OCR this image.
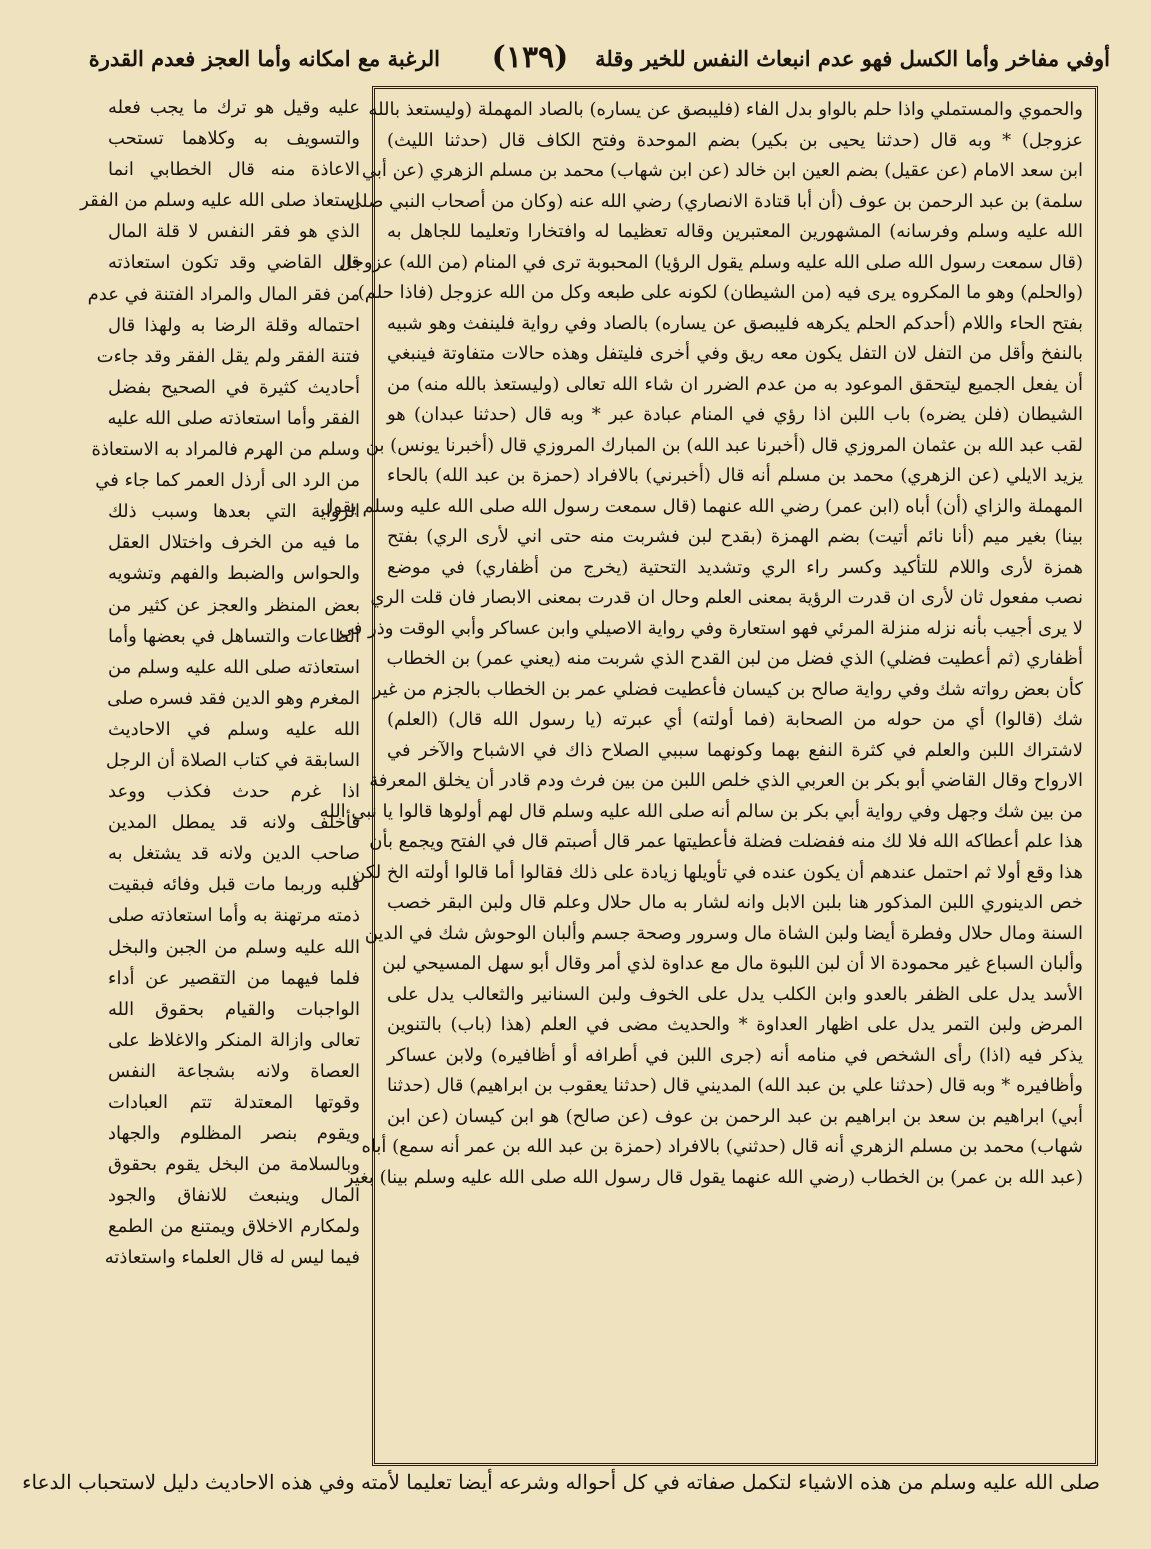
أوفي مفاخر وأما الكسل فهو عدم انبعاث النفس للخير وقلة
(١٣٩)
الرغبة مع امكانه وأما العجز فعدم القدرة
والحموي والمستملي واذا حلم بالواو بدل الفاء (فليبصق عن يساره) بالصاد المهملة (وليستعذ بالله
عزوجل) * وبه قال (حدثنا يحيى بن بكير) بضم الموحدة وفتح الكاف قال (حدثنا الليث)
ابن سعد الامام (عن عقيل) بضم العين ابن خالد (عن ابن شهاب) محمد بن مسلم الزهري (عن أبي
سلمة) بن عبد الرحمن بن عوف (أن أبا قتادة الانصاري) رضي الله عنه (وكان من أصحاب النبي صلى
الله عليه وسلم وفرسانه) المشهورين المعتبرين وقاله تعظيما له وافتخارا وتعليما للجاهل به
(قال سمعت رسول الله صلى الله عليه وسلم يقول الرؤيا) المحبوبة ترى في المنام (من الله) عزوجل
(والحلم) وهو ما المكروه يرى فيه (من الشيطان) لكونه على طبعه وكل من الله عزوجل (فاذا حلم)
بفتح الحاء واللام (أحدكم الحلم يكرهه فليبصق عن يساره) بالصاد وفي رواية فلينفث وهو شبيه
بالنفخ وأقل من التفل لان التفل يكون معه ريق وفي أخرى فليتفل وهذه حالات متفاوتة فينبغي
أن يفعل الجميع ليتحقق الموعود به من عدم الضرر ان شاء الله تعالى (وليستعذ بالله منه) من
الشيطان (فلن يضره) باب اللبن اذا رؤي في المنام عبادة عبر * وبه قال (حدثنا عبدان) هو
لقب عبد الله بن عثمان المروزي قال (أخبرنا عبد الله) بن المبارك المروزي قال (أخبرنا يونس) بن
يزيد الايلي (عن الزهري) محمد بن مسلم أنه قال (أخبرني) بالافراد (حمزة بن عبد الله) بالحاء
المهملة والزاي (أن) أباه (ابن عمر) رضي الله عنهما (قال سمعت رسول الله صلى الله عليه وسلم يقول
بينا) بغير ميم (أنا نائم أتيت) بضم الهمزة (بقدح لبن فشربت منه حتى اني لأرى الري) بفتح
همزة لأرى واللام للتأكيد وكسر راء الري وتشديد التحتية (يخرج من أظفاري) في موضع
نصب مفعول ثان لأرى ان قدرت الرؤية بمعنى العلم وحال ان قدرت بمعنى الابصار فان قلت الري
لا يرى أجيب بأنه نزله منزلة المرئي فهو استعارة وفي رواية الاصيلي وابن عساكر وأبي الوقت وذر في
أظفاري (ثم أعطيت فضلي) الذي فضل من لبن القدح الذي شربت منه (يعني عمر) بن الخطاب
كأن بعض رواته شك وفي رواية صالح بن كيسان فأعطيت فضلي عمر بن الخطاب بالجزم من غير
شك (قالوا) أي من حوله من الصحابة (فما أولته) أي عبرته (يا رسول الله قال) (العلم)
لاشتراك اللبن والعلم في كثرة النفع بهما وكونهما سببي الصلاح ذاك في الاشباح والآخر في
الارواح وقال القاضي أبو بكر بن العربي الذي خلص اللبن من بين فرث ودم قادر أن يخلق المعرفة
من بين شك وجهل وفي رواية أبي بكر بن سالم أنه صلى الله عليه وسلم قال لهم أولوها قالوا يا نبي الله
هذا علم أعطاكه الله فلا لك منه ففضلت فضلة فأعطيتها عمر قال أصبتم قال في الفتح ويجمع بأن
هذا وقع أولا ثم احتمل عندهم أن يكون عنده في تأويلها زيادة على ذلك فقالوا أما قالوا أولته الخ لكن
خص الدينوري اللبن المذكور هنا بلبن الابل وانه لشار به مال حلال وعلم قال ولبن البقر خصب
السنة ومال حلال وفطرة أيضا ولبن الشاة مال وسرور وصحة جسم وألبان الوحوش شك في الدين
وألبان السباع غير محمودة الا أن لبن اللبوة مال مع عداوة لذي أمر وقال أبو سهل المسيحي لبن
الأسد يدل على الظفر بالعدو وابن الكلب يدل على الخوف ولبن السنانير والثعالب يدل على
المرض ولبن التمر يدل على اظهار العداوة * والحديث مضى في العلم (هذا (باب) بالتنوين
يذكر فيه (اذا) رأى الشخص في منامه أنه (جرى اللبن في أطرافه أو أظافيره) ولابن عساكر
وأظافيره * وبه قال (حدثنا علي بن عبد الله) المديني قال (حدثنا يعقوب بن ابراهيم) قال (حدثنا
أبي) ابراهيم بن سعد بن ابراهيم بن عبد الرحمن بن عوف (عن صالح) هو ابن كيسان (عن ابن
شهاب) محمد بن مسلم الزهري أنه قال (حدثني) بالافراد (حمزة بن عبد الله بن عمر أنه سمع) أباه
(عبد الله بن عمر) بن الخطاب (رضي الله عنهما يقول قال رسول الله صلى الله عليه وسلم بينا) بغير
عليه وقيل هو ترك ما يجب فعله
والتسويف به وكلاهما تستحب
الاعاذة منه قال الخطابي انما
استعاذ صلى الله عليه وسلم من الفقر
الذي هو فقر النفس لا قلة المال
قال القاضي وقد تكون استعاذته
من فقر المال والمراد الفتنة في عدم
احتماله وقلة الرضا به ولهذا قال
فتنة الفقر ولم يقل الفقر وقد جاءت
أحاديث كثيرة في الصحيح بفضل
الفقر وأما استعاذته صلى الله عليه
وسلم من الهرم فالمراد به الاستعاذة
من الرد الى أرذل العمر كما جاء في
الرواية التي بعدها وسبب ذلك
ما فيه من الخرف واختلال العقل
والحواس والضبط والفهم وتشويه
بعض المنظر والعجز عن كثير من
الطاعات والتساهل في بعضها وأما
استعاذته صلى الله عليه وسلم من
المغرم وهو الدين فقد فسره صلى
الله عليه وسلم في الاحاديث
السابقة في كتاب الصلاة أن الرجل
اذا غرم حدث فكذب ووعد
فأخلف ولانه قد يمطل المدين
صاحب الدين ولانه قد يشتغل به
قلبه وربما مات قبل وفائه فبقيت
ذمته مرتهنة به وأما استعاذته صلى
الله عليه وسلم من الجبن والبخل
فلما فيهما من التقصير عن أداء
الواجبات والقيام بحقوق الله
تعالى وازالة المنكر والاغلاظ على
العصاة ولانه بشجاعة النفس
وقوتها المعتدلة تتم العبادات
ويقوم بنصر المظلوم والجهاد
وبالسلامة من البخل يقوم بحقوق
المال وينبعث للانفاق والجود
ولمكارم الاخلاق ويمتنع من الطمع
فيما ليس له قال العلماء واستعاذته
صلى الله عليه وسلم من هذه الاشياء لتكمل صفاته في كل أحواله وشرعه أيضا تعليما لأمته وفي هذه الاحاديث دليل لاستحباب الدعاء
